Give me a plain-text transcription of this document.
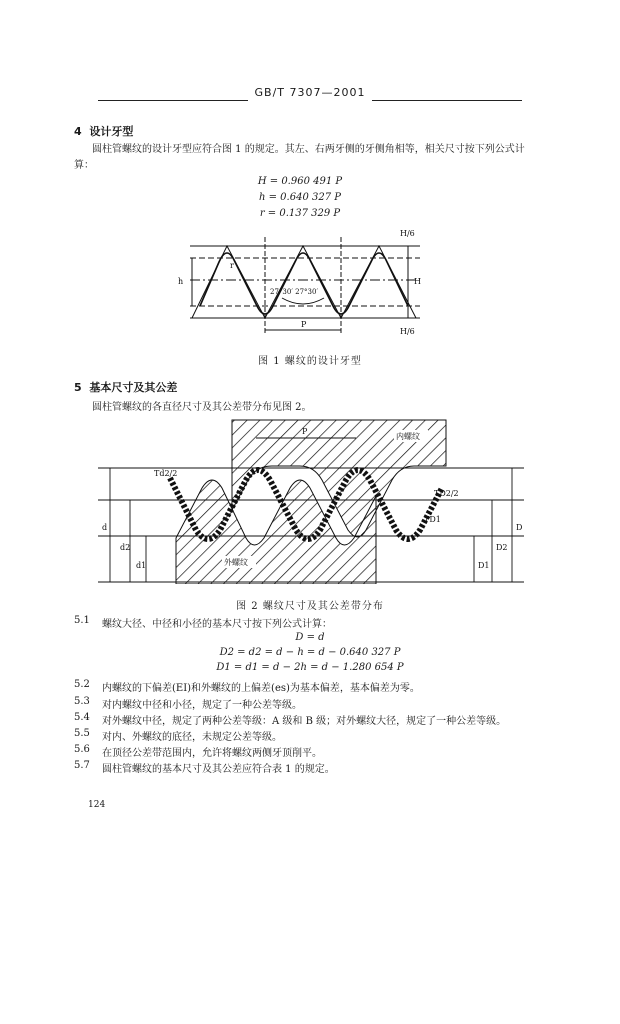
GB/T 7307—2001
4 设计牙型
圆柱管螺纹的设计牙型应符合图 1 的规定。其左、右两牙侧的牙侧角相等，相关尺寸按下列公式计
算：
H = 0.960 491 P
h = 0.640 327 P
r = 0.137 329 P
H/6
H/6
h	H
27°30′ 27°30′
P
r
图 1 螺纹的设计牙型
5 基本尺寸及其公差
圆柱管螺纹的各直径尺寸及其公差带分布见图 2。
内螺纹
外螺纹
P
Td2/2
TD2/2
TD1
d
d2
d1
D
D2
D1
图 2 螺纹尺寸及其公差带分布
5.1 螺纹大径、中径和小径的基本尺寸按下列公式计算：
D = d
D2 = d2 = d − h = d − 0.640 327 P
D1 = d1 = d − 2h = d − 1.280 654 P
5.2 内螺纹的下偏差(EI)和外螺纹的上偏差(es)为基本偏差，基本偏差为零。
5.3 对内螺纹中径和小径，规定了一种公差等级。
5.4 对外螺纹中径，规定了两种公差等级：A 级和 B 级；对外螺纹大径，规定了一种公差等级。
5.5 对内、外螺纹的底径，未规定公差等级。
5.6 在顶径公差带范围内，允许将螺纹两侧牙顶削平。
5.7 圆柱管螺纹的基本尺寸及其公差应符合表 1 的规定。
124
